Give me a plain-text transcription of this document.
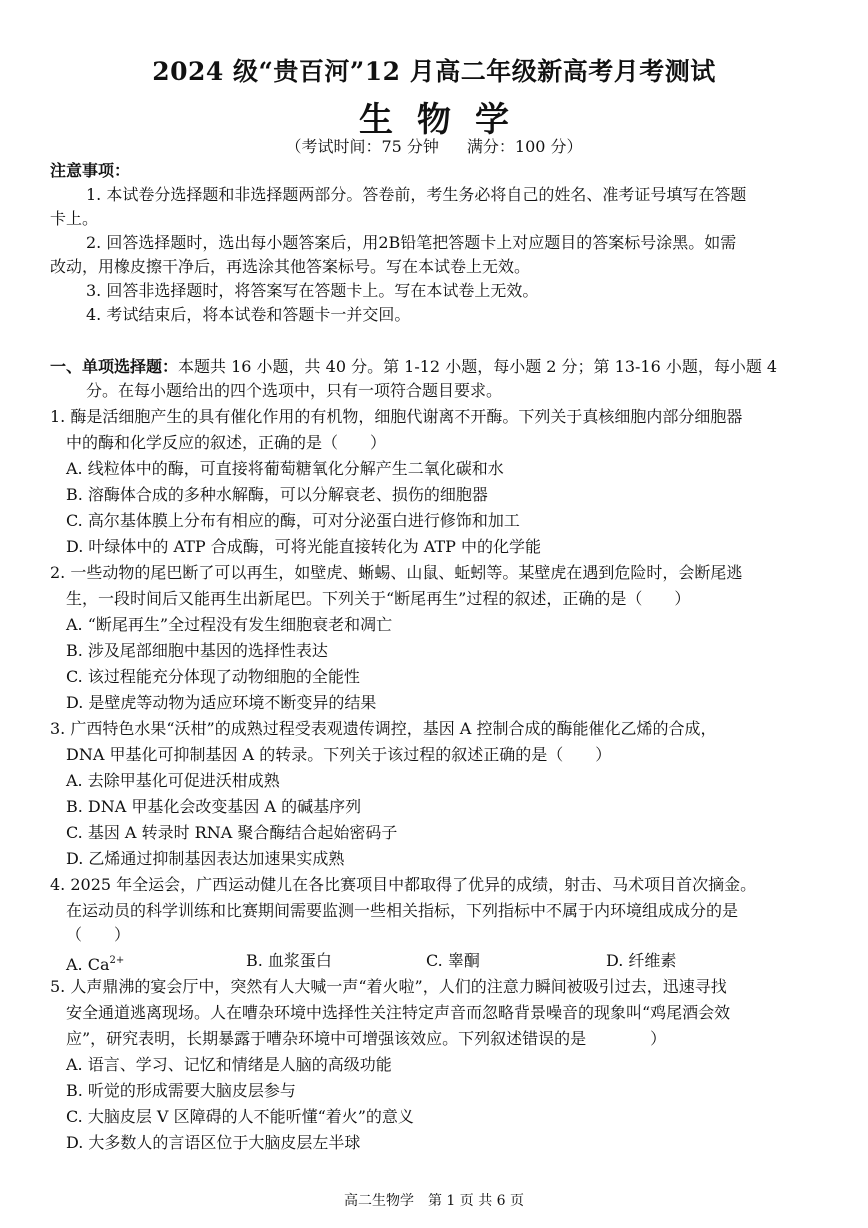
2024 级“贵百河”12 月高二年级新高考月考测试
生物学
（考试时间：75 分钟 满分：100 分）
注意事项：
1. 本试卷分选择题和非选择题两部分。答卷前，考生务必将自己的姓名、准考证号填写在答题
卡上。
2. 回答选择题时，选出每小题答案后，用2B铅笔把答题卡上对应题目的答案标号涂黑。如需
改动，用橡皮擦干净后，再选涂其他答案标号。写在本试卷上无效。
3. 回答非选择题时，将答案写在答题卡上。写在本试卷上无效。
4. 考试结束后，将本试卷和答题卡一并交回。
一、单项选择题：本题共 16 小题，共 40 分。第 1-12 小题，每小题 2 分；第 13-16 小题，每小题 4
分。在每小题给出的四个选项中，只有一项符合题目要求。
1. 酶是活细胞产生的具有催化作用的有机物，细胞代谢离不开酶。下列关于真核细胞内部分细胞器
中的酶和化学反应的叙述，正确的是（　　）
A. 线粒体中的酶，可直接将葡萄糖氧化分解产生二氧化碳和水
B. 溶酶体合成的多种水解酶，可以分解衰老、损伤的细胞器
C. 高尔基体膜上分布有相应的酶，可对分泌蛋白进行修饰和加工
D. 叶绿体中的 ATP 合成酶，可将光能直接转化为 ATP 中的化学能
2. 一些动物的尾巴断了可以再生，如壁虎、蜥蜴、山鼠、蚯蚓等。某壁虎在遇到危险时，会断尾逃
生，一段时间后又能再生出新尾巴。下列关于“断尾再生”过程的叙述，正确的是（　　）
A. “断尾再生”全过程没有发生细胞衰老和凋亡
B. 涉及尾部细胞中基因的选择性表达
C. 该过程能充分体现了动物细胞的全能性
D. 是壁虎等动物为适应环境不断变异的结果
3. 广西特色水果“沃柑”的成熟过程受表观遗传调控，基因 A 控制合成的酶能催化乙烯的合成，
DNA 甲基化可抑制基因 A 的转录。下列关于该过程的叙述正确的是（　　）
A. 去除甲基化可促进沃柑成熟
B. DNA 甲基化会改变基因 A 的碱基序列
C. 基因 A 转录时 RNA 聚合酶结合起始密码子
D. 乙烯通过抑制基因表达加速果实成熟
4. 2025 年全运会，广西运动健儿在各比赛项目中都取得了优异的成绩，射击、马术项目首次摘金。
在运动员的科学训练和比赛期间需要监测一些相关指标，下列指标中不属于内环境组成成分的是
（　　）
A. $Ca^{2+}$	B. 血浆蛋白	C. 睾酮	D. 纤维素
5. 人声鼎沸的宴会厅中，突然有人大喊一声“着火啦”，人们的注意力瞬间被吸引过去，迅速寻找
安全通道逃离现场。人在嘈杂环境中选择性关注特定声音而忽略背景噪音的现象叫“鸡尾酒会效
应”，研究表明，长期暴露于嘈杂环境中可增强该效应。下列叙述错误的是　　　　）
A. 语言、学习、记忆和情绪是人脑的高级功能
B. 听觉的形成需要大脑皮层参与
C. 大脑皮层 V 区障碍的人不能听懂“着火”的意义
D. 大多数人的言语区位于大脑皮层左半球
高二生物学　第 1 页 共 6 页
